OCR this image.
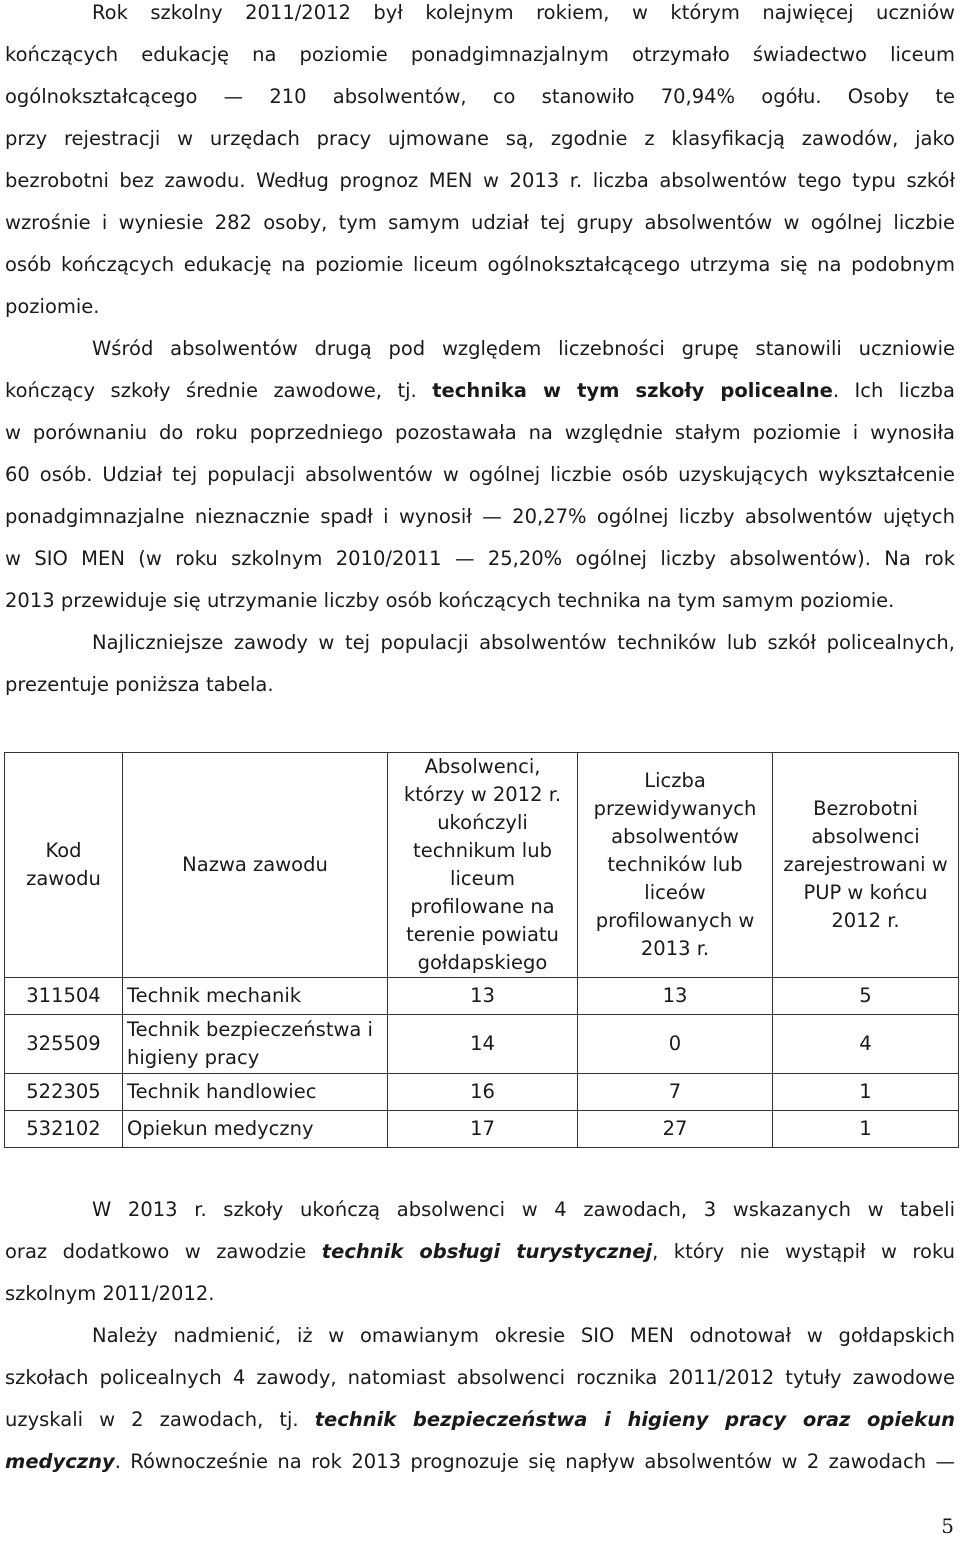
Rok szkolny 2011/2012 był kolejnym rokiem, w którym najwięcej uczniów
kończących edukację na poziomie ponadgimnazjalnym otrzymało świadectwo liceum
ogólnokształcącego — 210 absolwentów, co stanowiło 70,94% ogółu. Osoby te
przy rejestracji w urzędach pracy ujmowane są, zgodnie z klasyfikacją zawodów, jako
bezrobotni bez zawodu. Według prognoz MEN w 2013 r. liczba absolwentów tego typu szkół
wzrośnie i wyniesie 282 osoby, tym samym udział tej grupy absolwentów w ogólnej liczbie
osób kończących edukację na poziomie liceum ogólnokształcącego utrzyma się na podobnym
poziomie.
Wśród absolwentów drugą pod względem liczebności grupę stanowili uczniowie
kończący szkoły średnie zawodowe, tj. technika w tym szkoły policealne. Ich liczba
w porównaniu do roku poprzedniego pozostawała na względnie stałym poziomie i wynosiła
60 osób. Udział tej populacji absolwentów w ogólnej liczbie osób uzyskujących wykształcenie
ponadgimnazjalne nieznacznie spadł i wynosił — 20,27% ogólnej liczby absolwentów ujętych
w SIO MEN (w roku szkolnym 2010/2011 — 25,20% ogólnej liczby absolwentów). Na rok
2013 przewiduje się utrzymanie liczby osób kończących technika na tym samym poziomie.
Najliczniejsze zawody w tej populacji absolwentów techników lub szkół policealnych,
prezentuje poniższa tabela.
Kod zawodu	Nazwa zawodu	Absolwenci, którzy w 2012 r. ukończyli technikum lub liceum profilowane na terenie powiatu gołdapskiego	Liczba przewidywanych absolwentów techników lub liceów profilowanych w 2013 r.	Bezrobotni absolwenci zarejestrowani w PUP w końcu 2012 r.
311504	Technik mechanik	13	13	5
325509	Technik bezpieczeństwa i higieny pracy	14	0	4
522305	Technik handlowiec	16	7	1
532102	Opiekun medyczny	17	27	1
W 2013 r. szkoły ukończą absolwenci w 4 zawodach, 3 wskazanych w tabeli
oraz dodatkowo w zawodzie technik obsługi turystycznej, który nie wystąpił w roku
szkolnym 2011/2012.
Należy nadmienić, iż w omawianym okresie SIO MEN odnotował w gołdapskich
szkołach policealnych 4 zawody, natomiast absolwenci rocznika 2011/2012 tytuły zawodowe
uzyskali w 2 zawodach, tj. technik bezpieczeństwa i higieny pracy oraz opiekun
medyczny. Równocześnie na rok 2013 prognozuje się napływ absolwentów w 2 zawodach —
5
